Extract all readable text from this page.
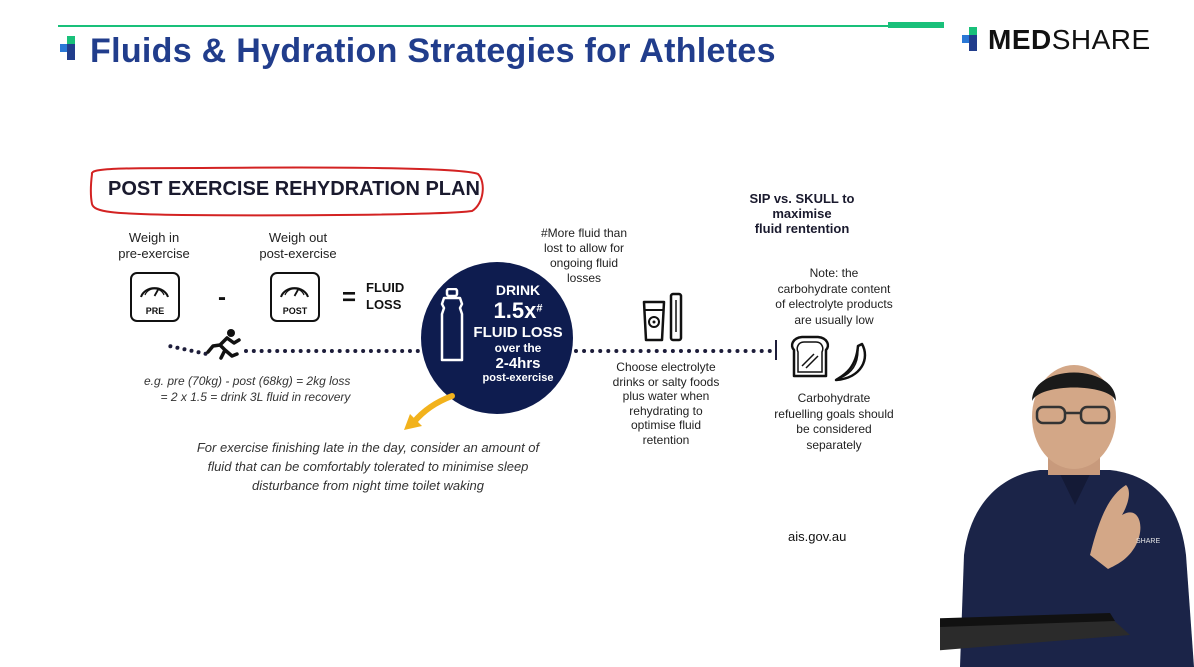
Fluids & Hydration Strategies for Athletes	MED SHARE
POST EXERCISE REHYDRATION PLAN
Weigh in
pre-exercise
PRE	-
Weigh out
post-exercise
POST	= FLUID
LOSS
e.g. pre (70kg) - post (68kg) = 2kg loss
= 2 x 1.5 = drink 3L fluid in recovery
#More fluid than
lost to allow for
ongoing fluid
losses
DRINK
1.5x#
FLUID LOSS
over the
2-4hrs
post-exercise
For exercise finishing late in the day, consider an amount of
fluid that can be comfortably tolerated to minimise sleep
disturbance from night time toilet waking
Choose electrolyte
drinks or salty foods
plus water when
rehydrating to
optimise fluid
retention
SIP vs. SKULL to
maximise
fluid rentention
Note: the
carbohydrate content
of electrolyte products
are usually low
Carbohydrate
refuelling goals should
be considered
separately
ais.gov.au	SHARE
